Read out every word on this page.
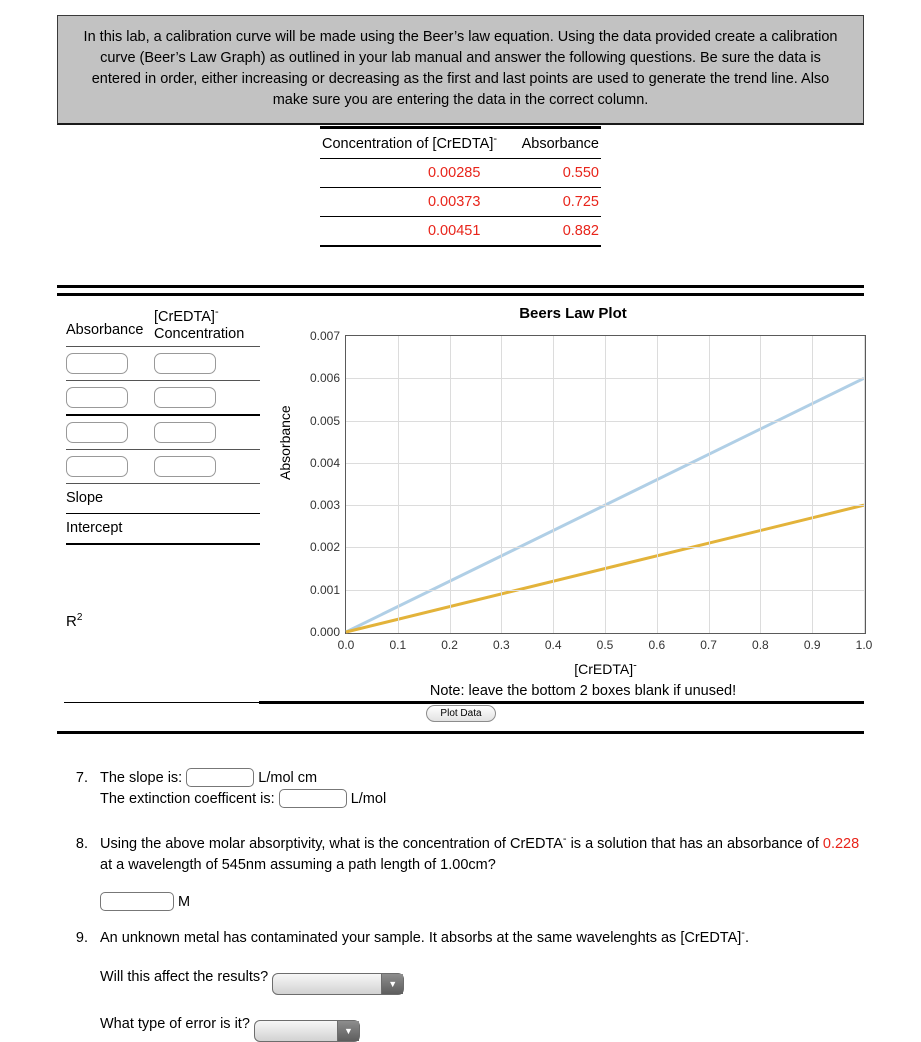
In this lab, a calibration curve will be made using the Beer’s law equation. Using the data provided create a calibration curve (Beer’s Law Graph) as outlined in your lab manual and answer the following questions. Be sure the data is entered in order, either increasing or decreasing as the first and last points are used to generate the trend line. Also make sure you are entering the data in the correct column.
Concentration of [CrEDTA]-	Absorbance
0.00285	0.550
0.00373	0.725
0.00451	0.882
Absorbance
[CrEDTA]-
Concentration
Slope
Intercept
$R^2$
Beers Law Plot
Absorbance
0.0	0.1	0.2	0.3	0.4	0.5	0.6	0.7	0.8	0.9	1.0
0.000
0.001
0.002
0.003
0.004
0.005
0.006
0.007
[CrEDTA]-
Note: leave the bottom 2 boxes blank if unused!
Plot Data
7. The slope is:	L/mol cm
The extinction coefficent is:	L/mol
8. Using the above molar absorptivity, what is the concentration of CrEDTA- is a solution that has an absorbance of 0.228 at a wavelength of 545nm assuming a path length of 1.00cm?
M
9. An unknown metal has contaminated your sample. It absorbs at the same wavelenghts as [CrEDTA]-.
Will this affect the results?	▼
What type of error is it?	▼
